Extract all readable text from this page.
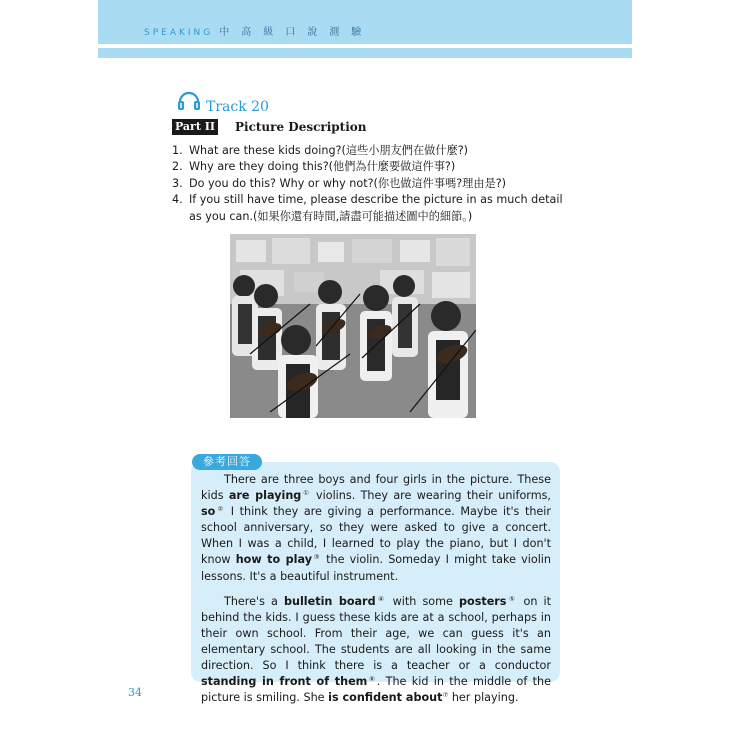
SPEAKING 中高級口說測驗
Track 20
Part II Picture Description
1. What are these kids doing?(這些小朋友們在做什麼?)
2. Why are they doing this?(他們為什麼要做這件事?)
3. Do you do this? Why or why not?(你也做這件事嗎?理由是?)
4. If you still have time, please describe the picture in as much detail as you can.(如果你還有時間,請盡可能描述圖中的細節。)
參考回答

There are three boys and four girls in the picture. These kids are playing① violins. They are wearing their uniforms, so② I think they are giving a performance. Maybe it's their school anniversary, so they were asked to give a concert. When I was a child, I learned to play the piano, but I don't know how to play③ the violin. Someday I might take violin lessons. It's a beautiful instrument.

There's a bulletin board④ with some posters⑤ on it behind the kids. I guess these kids are at a school, perhaps in their own school. From their age, we can guess it's an elementary school. The students are all looking in the same direction. So I think there is a teacher or a conductor standing in front of them⑥. The kid in the middle of the picture is smiling. She is confident about⑦ her playing.

34
